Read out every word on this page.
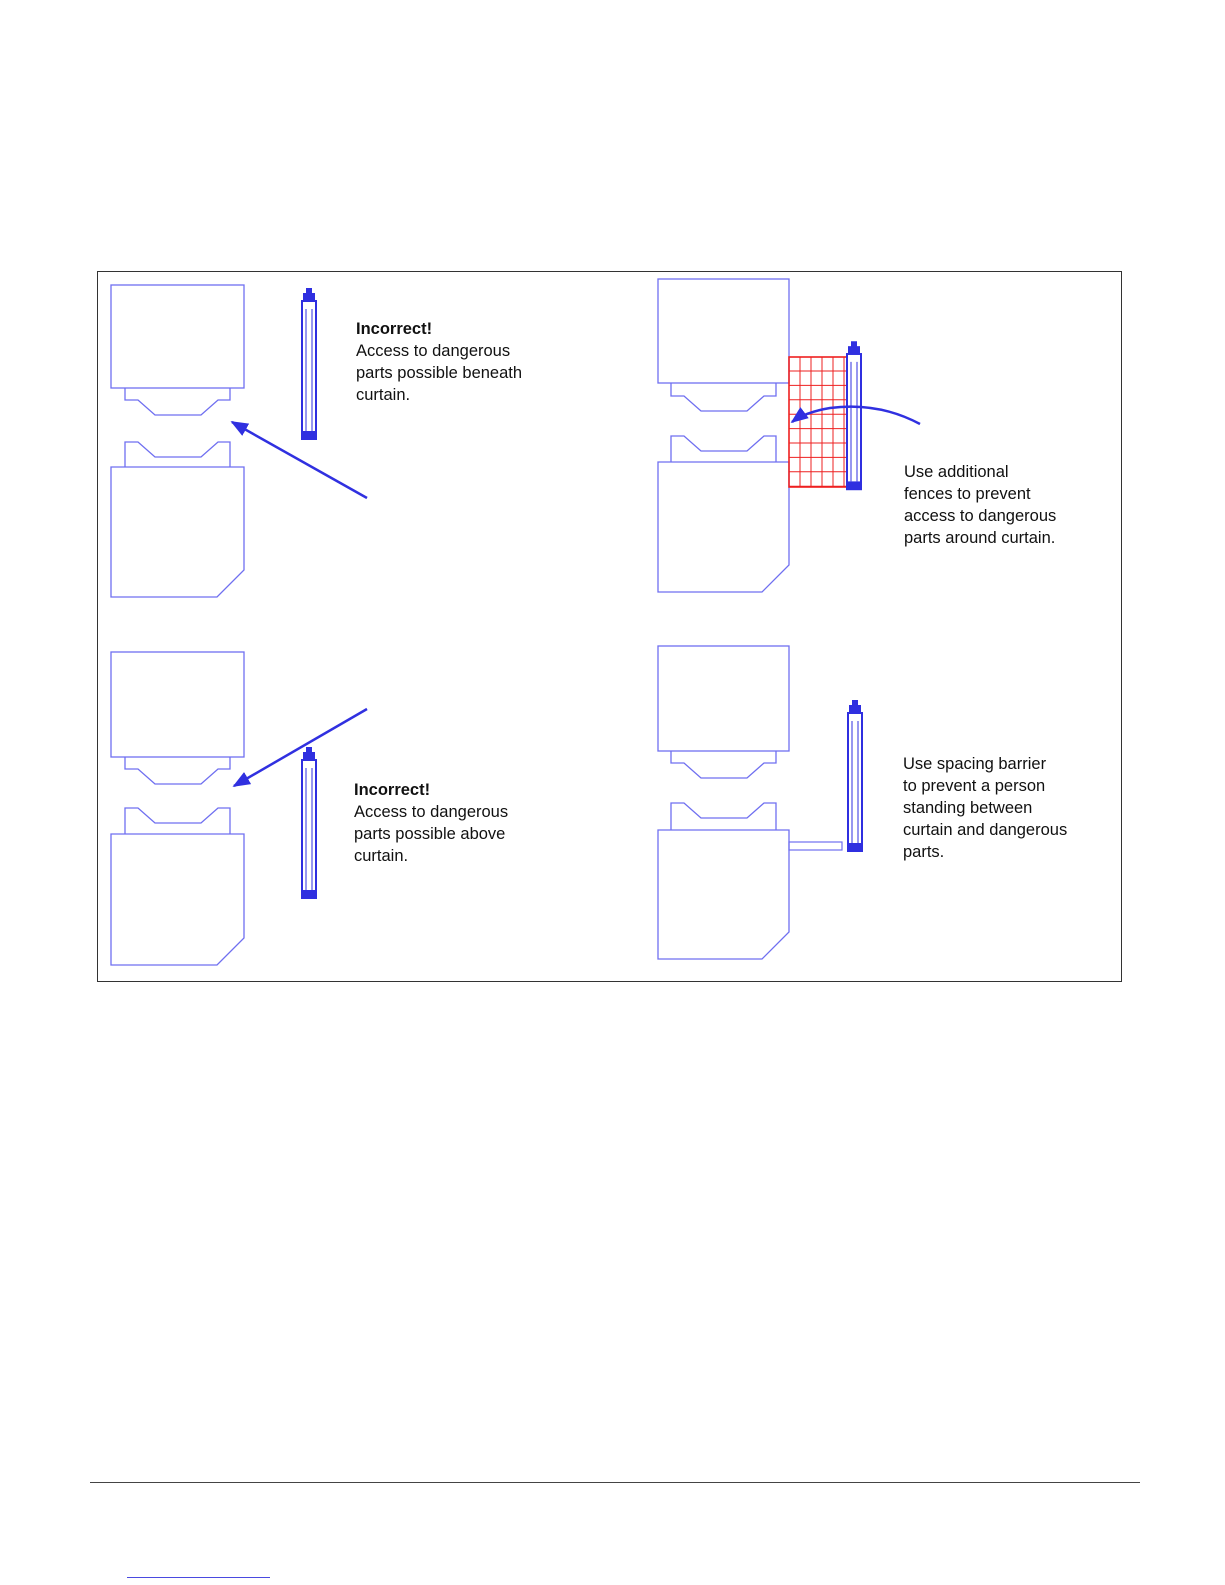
Incorrect!
Access to dangerous
parts possible beneath
curtain.
Use additional
fences to prevent
access to dangerous
parts around curtain.
Incorrect!
Access to dangerous
parts possible above
curtain.
Use spacing barrier
to prevent a person
standing between
curtain and dangerous
parts.
